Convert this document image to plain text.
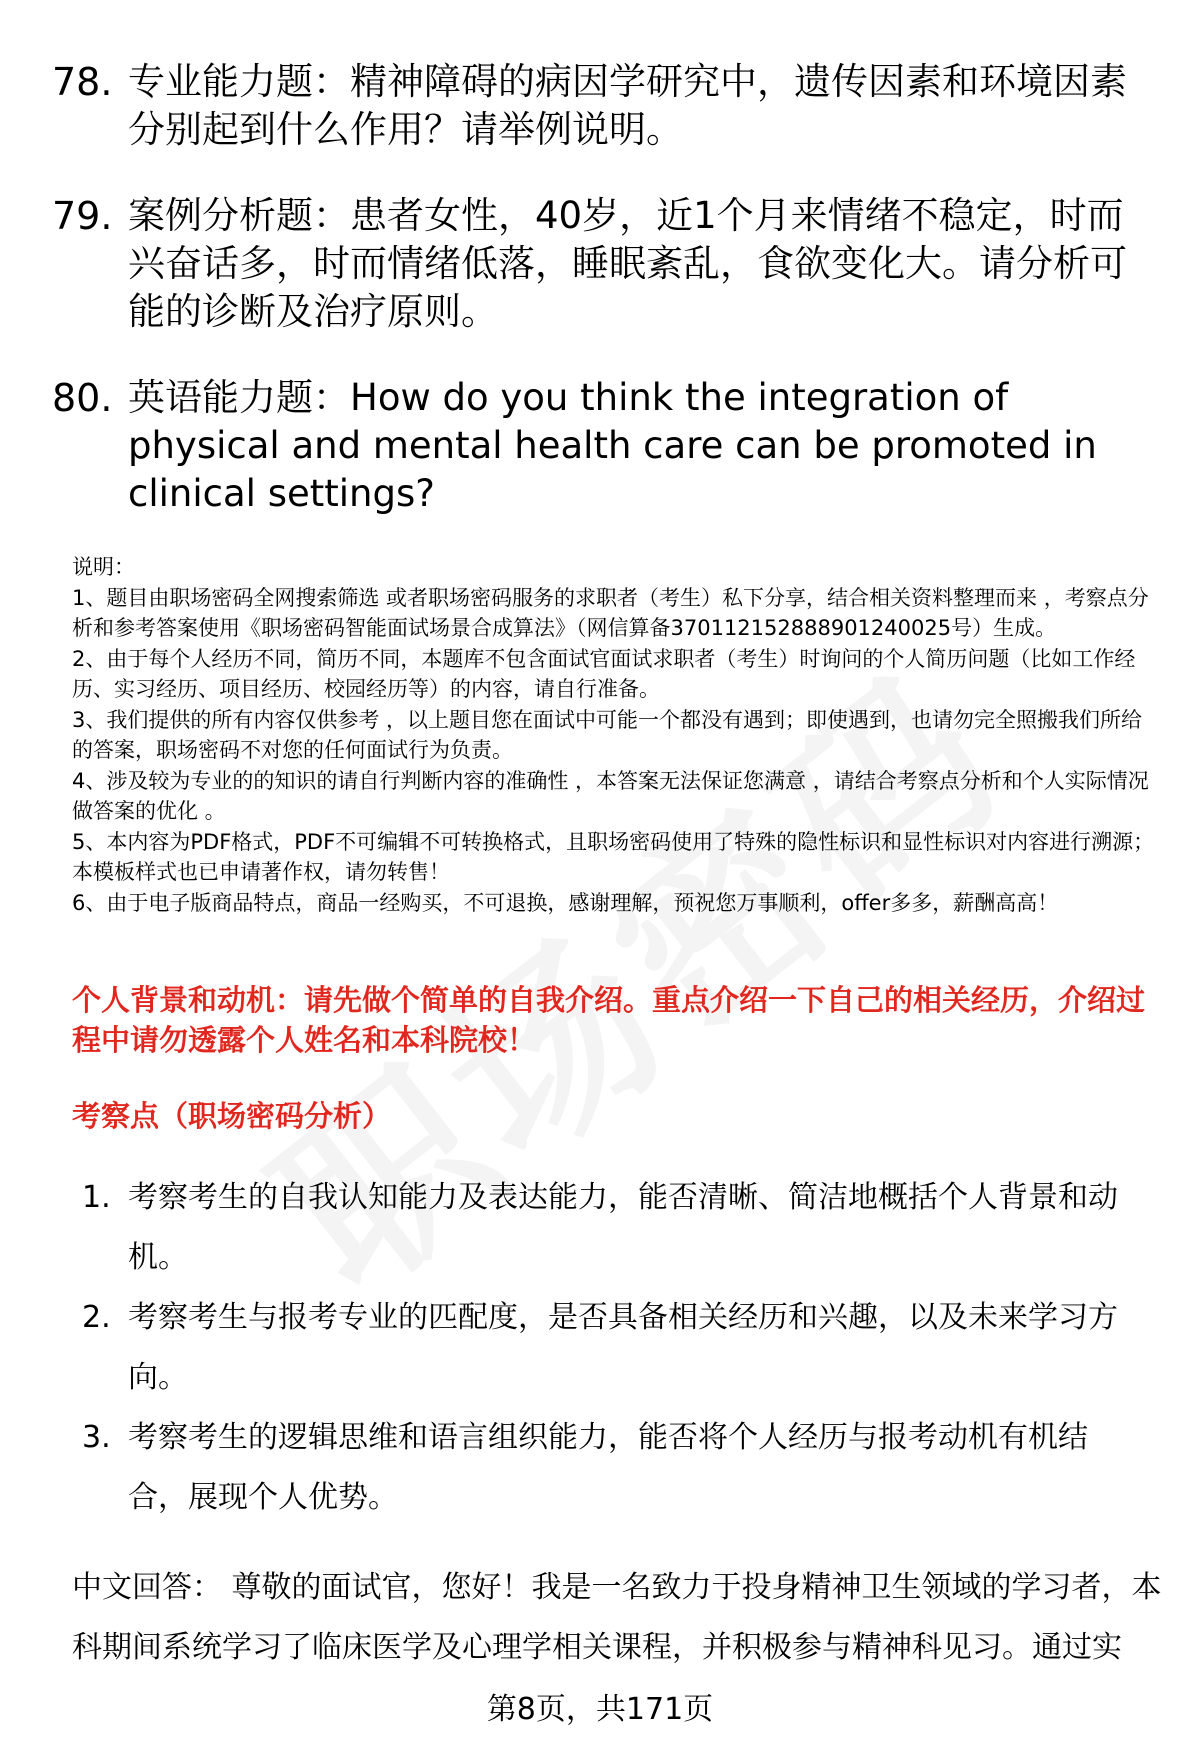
78. 专业能力题：精神障碍的病因学研究中，遗传因素和环境因素分别起到什么作用？请举例说明。
79. 案例分析题：患者女性，40岁，近1个月来情绪不稳定，时而兴奋话多，时而情绪低落，睡眠紊乱，食欲变化大。请分析可能的诊断及治疗原则。
80. 英语能力题：How do you think the integration of physical and mental health care can be promoted in clinical settings?

说明：

1、题目由职场密码全网搜索筛选 或者职场密码服务的求职者（考生）私下分享，结合相关资料整理而来 ，考察点分析和参考答案使用《职场密码智能面试场景合成算法》（网信算备370112152888901240025号）生成。

2、由于每个人经历不同，简历不同，本题库不包含面试官面试求职者（考生）时询问的个人简历问题（比如工作经历、实习经历、项目经历、校园经历等）的内容，请自行准备。

3、我们提供的所有内容仅供参考 ，以上题目您在面试中可能一个都没有遇到；即使遇到，也请勿完全照搬我们所给的答案，职场密码不对您的任何面试行为负责。

4、涉及较为专业的的知识的请自行判断内容的准确性 ，本答案无法保证您满意 ，请结合考察点分析和个人实际情况做答案的优化 。

5、本内容为PDF格式，PDF不可编辑不可转换格式，且职场密码使用了特殊的隐性标识和显性标识对内容进行溯源；本模板样式也已申请著作权，请勿转售！

6、由于电子版商品特点，商品一经购买，不可退换，感谢理解，预祝您万事顺利，offer多多，薪酬高高！

个人背景和动机：请先做个简单的自我介绍。重点介绍一下自己的相关经历，介绍过程中请勿透露个人姓名和本科院校！
考察点（职场密码分析）
1. 考察考生的自我认知能力及表达能力，能否清晰、简洁地概括个人背景和动机。
2. 考察考生与报考专业的匹配度，是否具备相关经历和兴趣，以及未来学习方向。
3. 考察考生的逻辑思维和语言组织能力，能否将个人经历与报考动机有机结合，展现个人优势。
中文回答： 尊敬的面试官，您好！我是一名致力于投身精神卫生领域的学习者，本科期间系统学习了临床医学及心理学相关课程，并积极参与精神科见习。通过实
第8页，共171页
